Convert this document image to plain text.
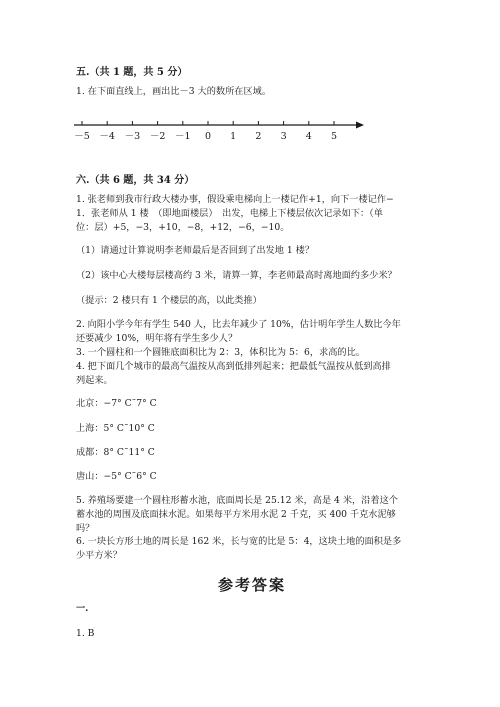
五.（共 1 题，共 5 分）
1. 在下面直线上，画出比－3 大的数所在区域。
－5 －4 －3 －2 －1 0 1 2 3 4 5
六.（共 6 题，共 34 分）
1. 张老师到我市行政大楼办事，假设乘电梯向上一楼记作+1，向下一楼记作−
1．张老师从 1 楼　（即地面楼层）　出发，电梯上下楼层依次记录如下：（单
位：层）+5，−3，+10，−8，+12，−6，−10。
（1）请通过计算说明李老师最后是否回到了出发地 1 楼？
（2）该中心大楼每层楼高约 3 米，请算一算，李老师最高时离地面约多少米？
（提示：2 楼只有 1 个楼层的高，以此类推）
2. 向阳小学今年有学生 540 人，比去年减少了 10%，估计明年学生人数比今年
还要减少 10%，明年将有学生多少人？
3. 一个圆柱和一个圆锥底面积比为 2：3，体积比为 5：6，求高的比。
4. 把下面几个城市的最高气温按从高到低排列起来；把最低气温按从低到高排
列起来。
北京：−7° C˜7° C
上海：5° C˜10° C
成都：8° C˜11° C
唐山：−5° C˜6° C
5. 养殖场要建一个圆柱形蓄水池，底面周长是 25.12 米，高是 4 米，沿着这个
蓄水池的周围及底面抹水泥。如果每平方米用水泥 2 千克，买 400 千克水泥够
吗？
6. 一块长方形土地的周长是 162 米，长与宽的比是 5：4，这块土地的面积是多
少平方米？
参考答案
一.
1. B
